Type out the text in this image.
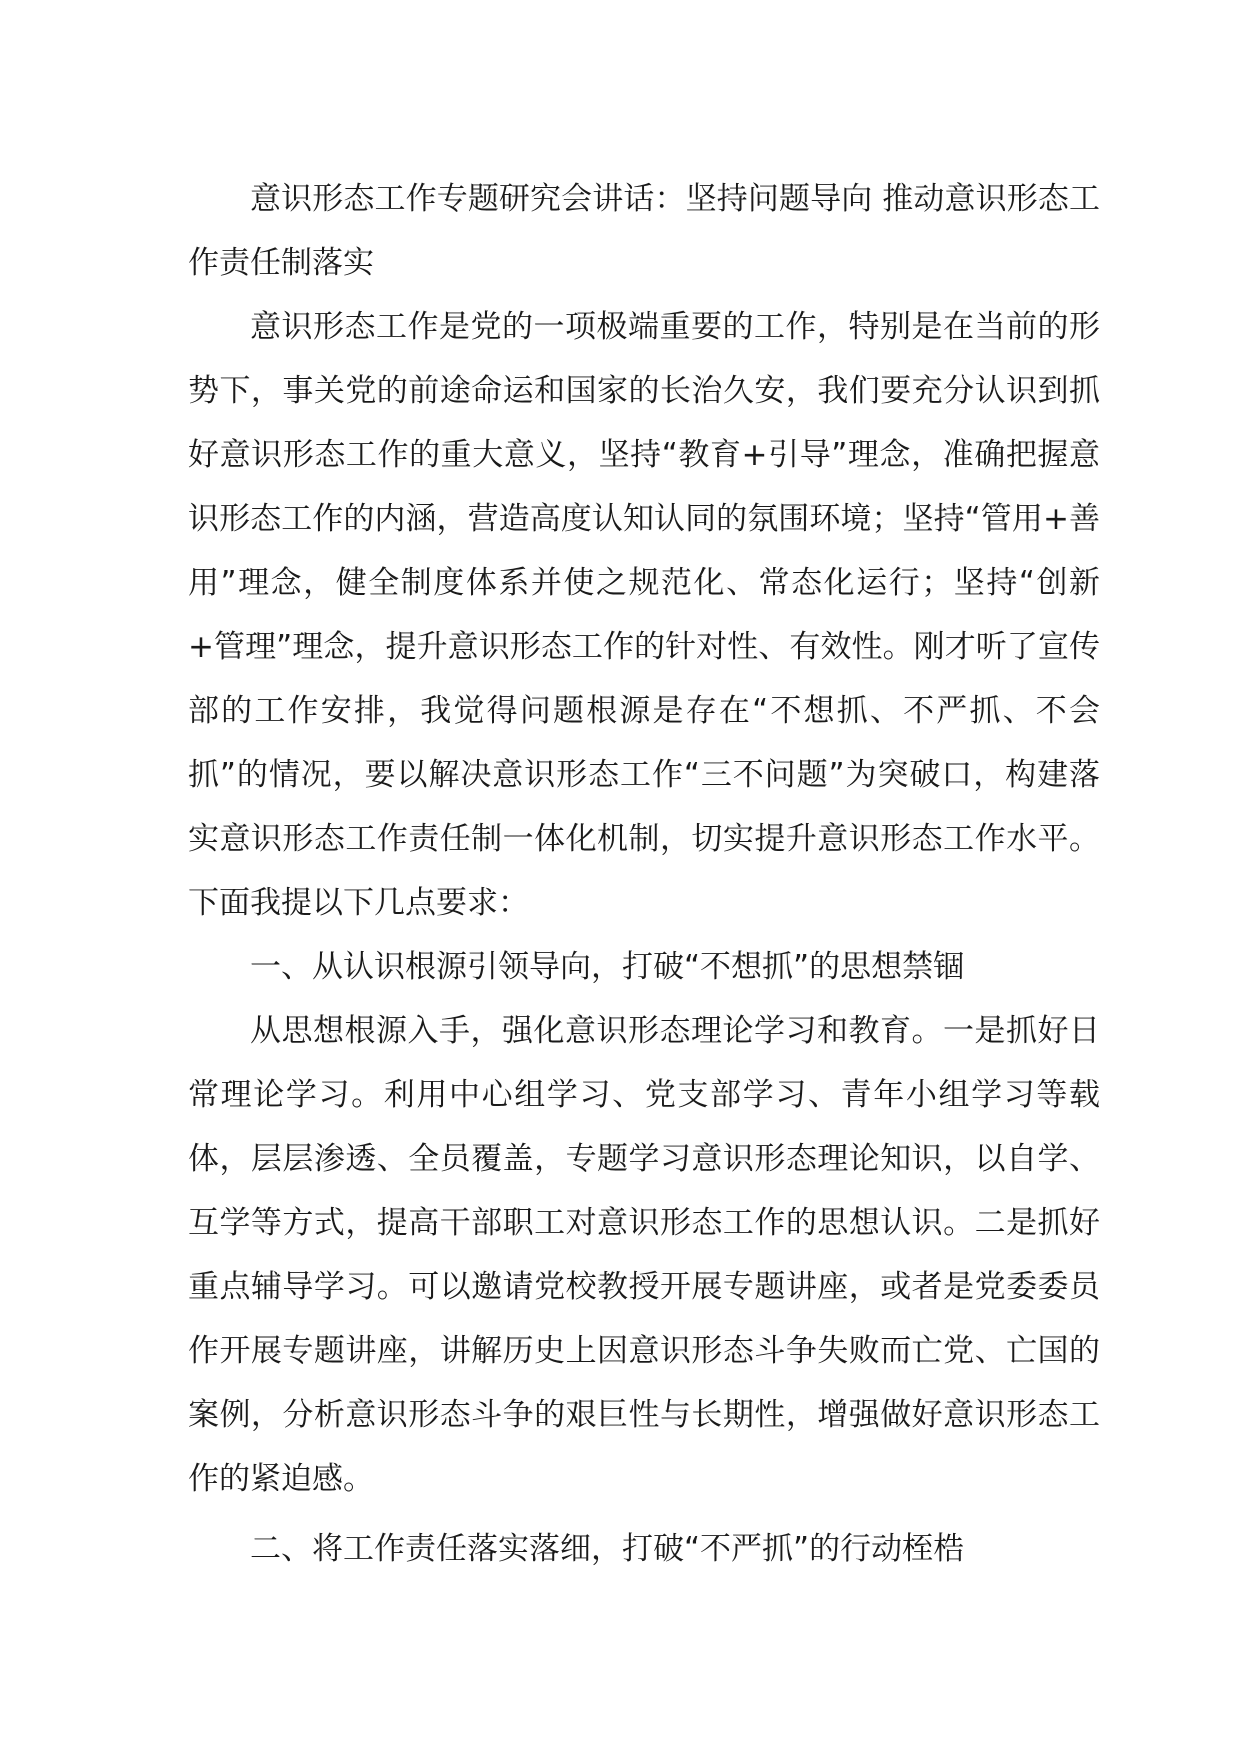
意识形态工作专题研究会讲话：坚持问题导向 推动意识形态工作责任制落实

意识形态工作是党的一项极端重要的工作，特别是在当前的形势下，事关党的前途命运和国家的长治久安，我们要充分认识到抓好意识形态工作的重大意义，坚持“教育+引导”理念，准确把握意识形态工作的内涵，营造高度认知认同的氛围环境；坚持“管用+善用”理念，健全制度体系并使之规范化、常态化运行；坚持“创新+管理”理念，提升意识形态工作的针对性、有效性。刚才听了宣传部的工作安排，我觉得问题根源是存在“不想抓、不严抓、不会抓”的情况，要以解决意识形态工作“三不问题”为突破口，构建落实意识形态工作责任制一体化机制，切实提升意识形态工作水平。下面我提以下几点要求：

一、从认识根源引领导向，打破“不想抓”的思想禁锢

从思想根源入手，强化意识形态理论学习和教育。一是抓好日常理论学习。利用中心组学习、党支部学习、青年小组学习等载体，层层渗透、全员覆盖，专题学习意识形态理论知识，以自学、互学等方式，提高干部职工对意识形态工作的思想认识。二是抓好重点辅导学习。可以邀请党校教授开展专题讲座，或者是党委委员作开展专题讲座，讲解历史上因意识形态斗争失败而亡党、亡国的案例，分析意识形态斗争的艰巨性与长期性，增强做好意识形态工作的紧迫感。

二、将工作责任落实落细，打破“不严抓”的行动桎梏
